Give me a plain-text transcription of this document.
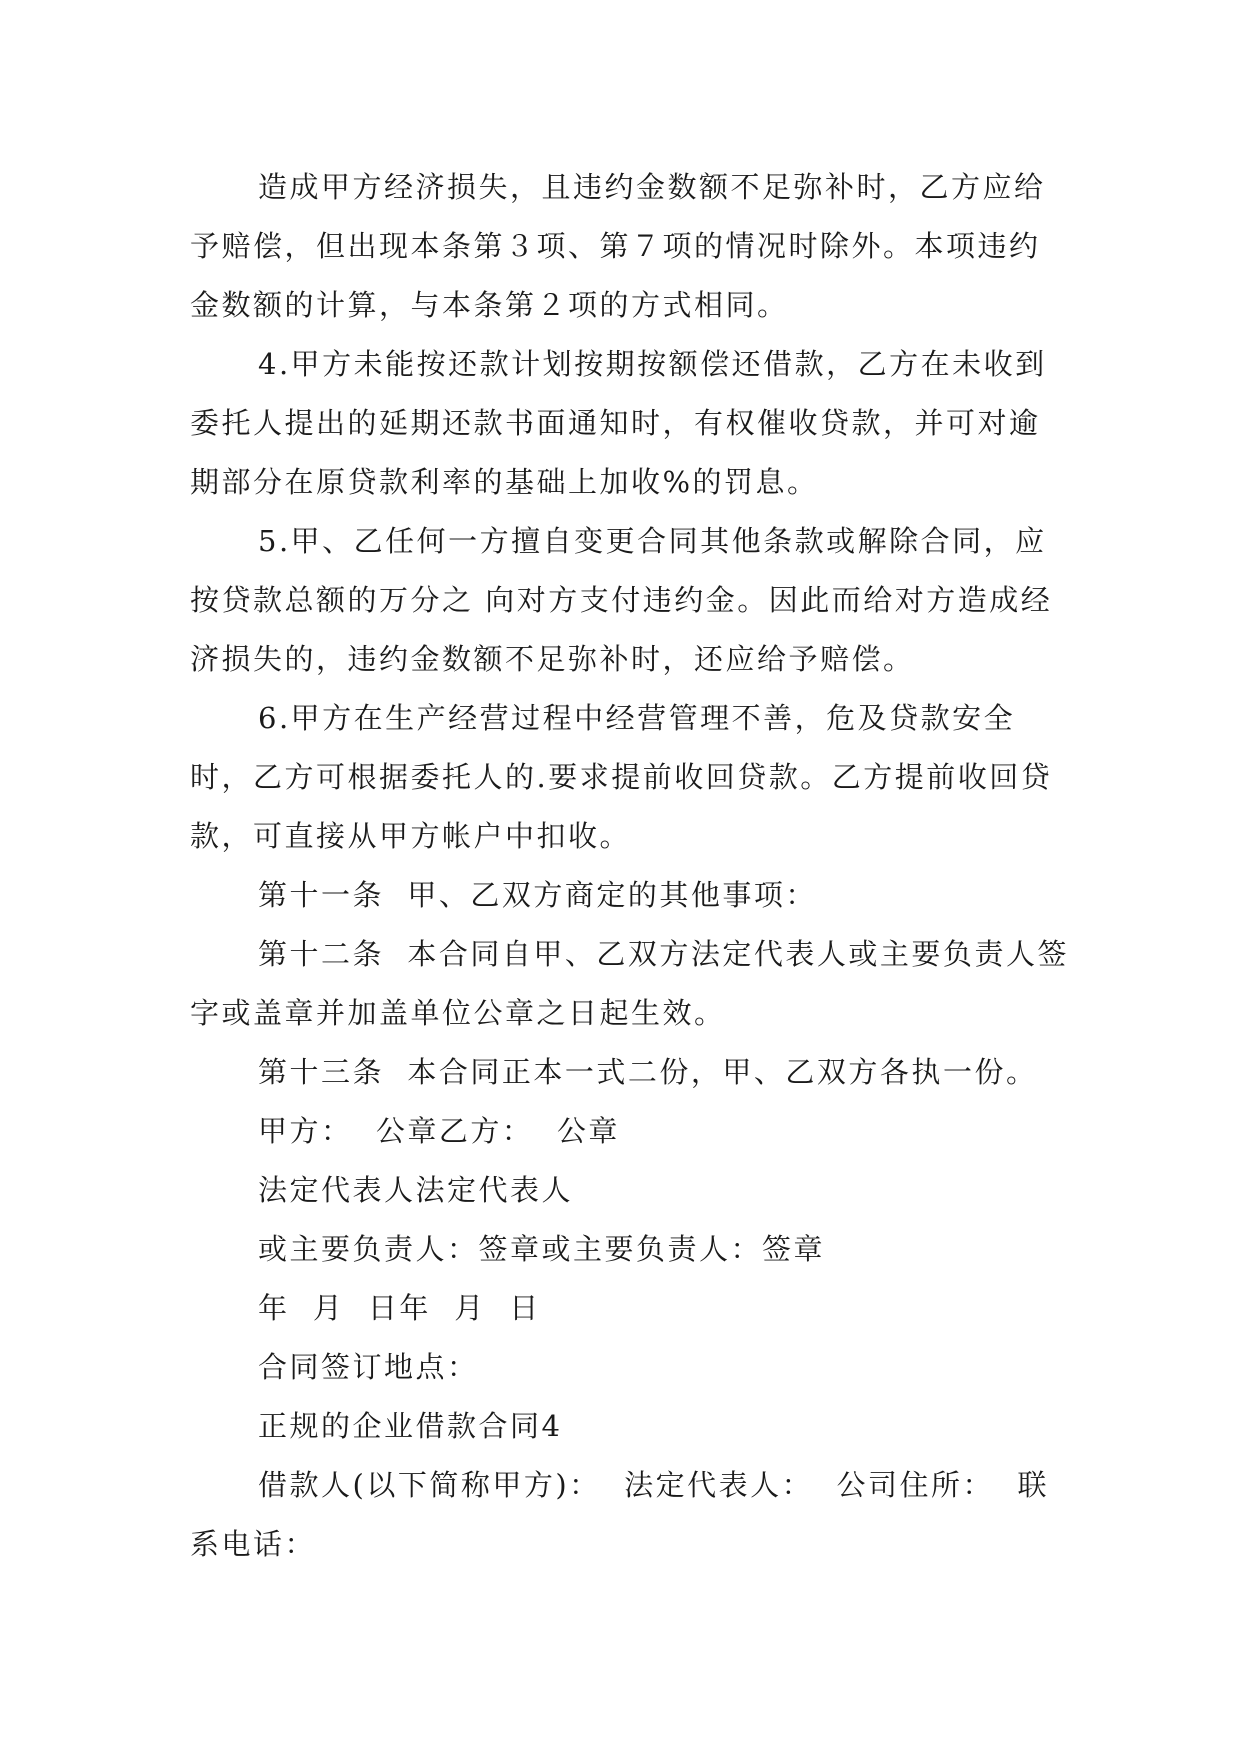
造成甲方经济损失，且违约金数额不足弥补时，乙方应给予赔偿，但出现本条第３项、第７项的情况时除外。本项违约金数额的计算，与本条第２项的方式相同。

4.甲方未能按还款计划按期按额偿还借款，乙方在未收到委托人提出的延期还款书面通知时，有权催收贷款，并可对逾期部分在原贷款利率的基础上加收%的罚息。

5.甲、乙任何一方擅自变更合同其他条款或解除合同，应按贷款总额的万分之 向对方支付违约金。因此而给对方造成经济损失的，违约金数额不足弥补时，还应给予赔偿。

6.甲方在生产经营过程中经营管理不善，危及贷款安全时，乙方可根据委托人的.要求提前收回贷款。乙方提前收回贷款，可直接从甲方帐户中扣收。

第十一条  甲、乙双方商定的其他事项：

第十二条  本合同自甲、乙双方法定代表人或主要负责人签字或盖章并加盖单位公章之日起生效。

第十三条  本合同正本一式二份，甲、乙双方各执一份。

甲方：  公章乙方：  公章

法定代表人法定代表人

或主要负责人：签章或主要负责人：签章

年  月  日年  月  日

合同签订地点：

正规的企业借款合同4

借款人(以下简称甲方)：  法定代表人：  公司住所：  联系电话：
